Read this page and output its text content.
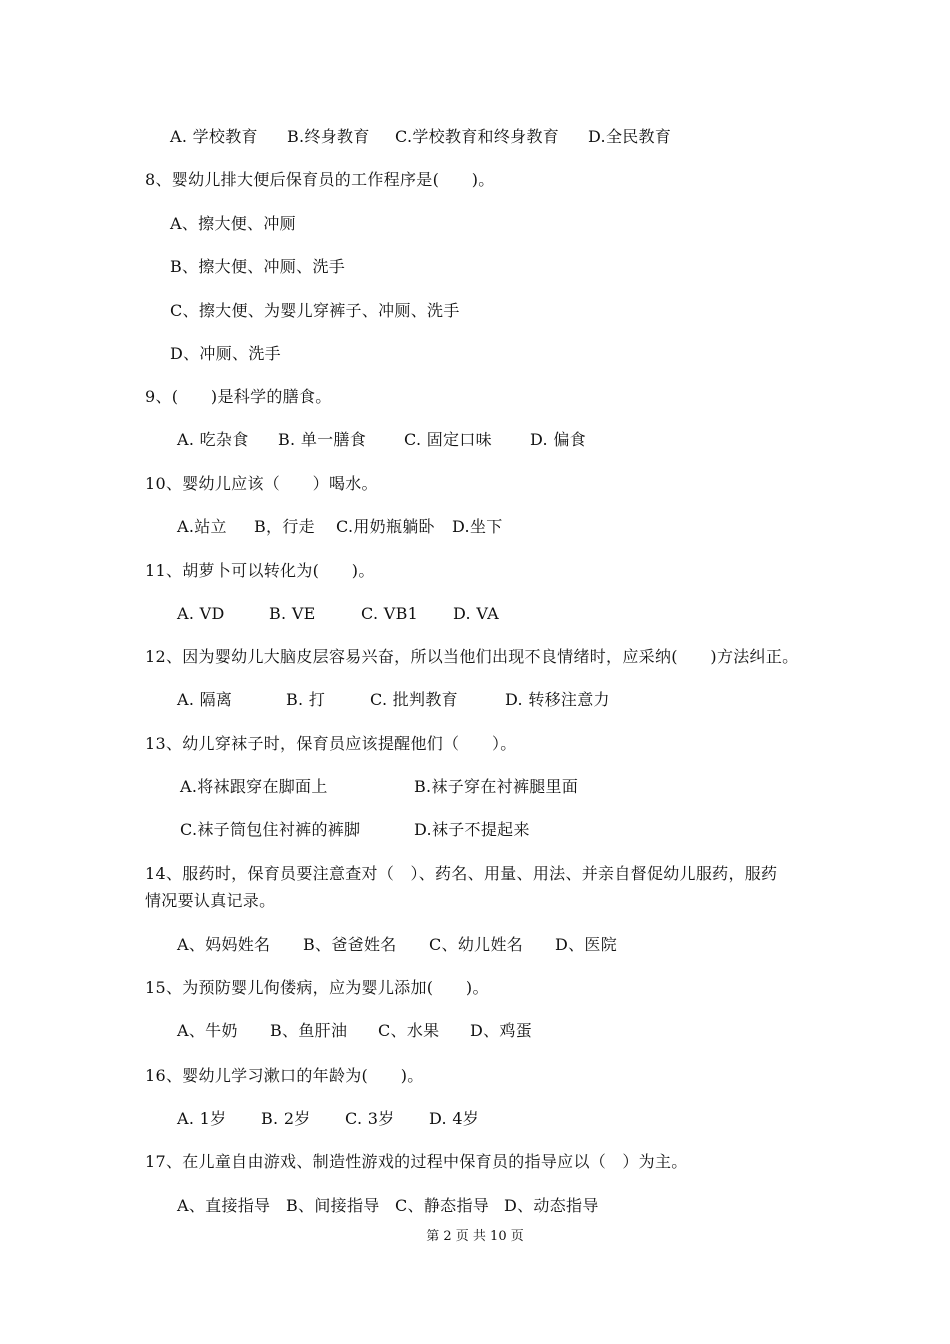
A. 学校教育 B.终身教育 C.学校教育和终身教育 D.全民教育
8、婴幼儿排大便后保育员的工作程序是(　　)。
A、擦大便、冲厕
B、擦大便、冲厕、洗手
C、擦大便、为婴儿穿裤子、冲厕、洗手
D、冲厕、洗手
9、(　　)是科学的膳食。
A. 吃杂食 B. 单一膳食 C. 固定口味 D. 偏食
10、婴幼儿应该（　　）喝水。
A.站立 B，行走 C.用奶瓶躺卧 D.坐下
11、胡萝卜可以转化为(　　)。
A. VD	B. VE	C. VB1 D. VA
12、因为婴幼儿大脑皮层容易兴奋，所以当他们出现不良情绪时，应采纳(　　)方法纠正。
A. 隔离	B. 打	C. 批判教育	D. 转移注意力
13、幼儿穿袜子时，保育员应该提醒他们（　　）。
A.将袜跟穿在脚面上	B.袜子穿在衬裤腿里面
C.袜子筒包住衬裤的裤脚	D.袜子不提起来
14、服药时，保育员要注意查对（　）、药名、用量、用法、并亲自督促幼儿服药，服药
情况要认真记录。
A、妈妈姓名 B、爸爸姓名 C、幼儿姓名 D、医院
15、为预防婴儿佝偻病，应为婴儿添加(　　)。
A、牛奶 B、鱼肝油 C、水果 D、鸡蛋
16、婴幼儿学习漱口的年龄为(　　)。
A. 1岁 B. 2岁 C. 3岁 D. 4岁
17、在儿童自由游戏、制造性游戏的过程中保育员的指导应以（　）为主。
A、直接指导 B、间接指导 C、静态指导 D、动态指导
第 2 页 共 10 页
